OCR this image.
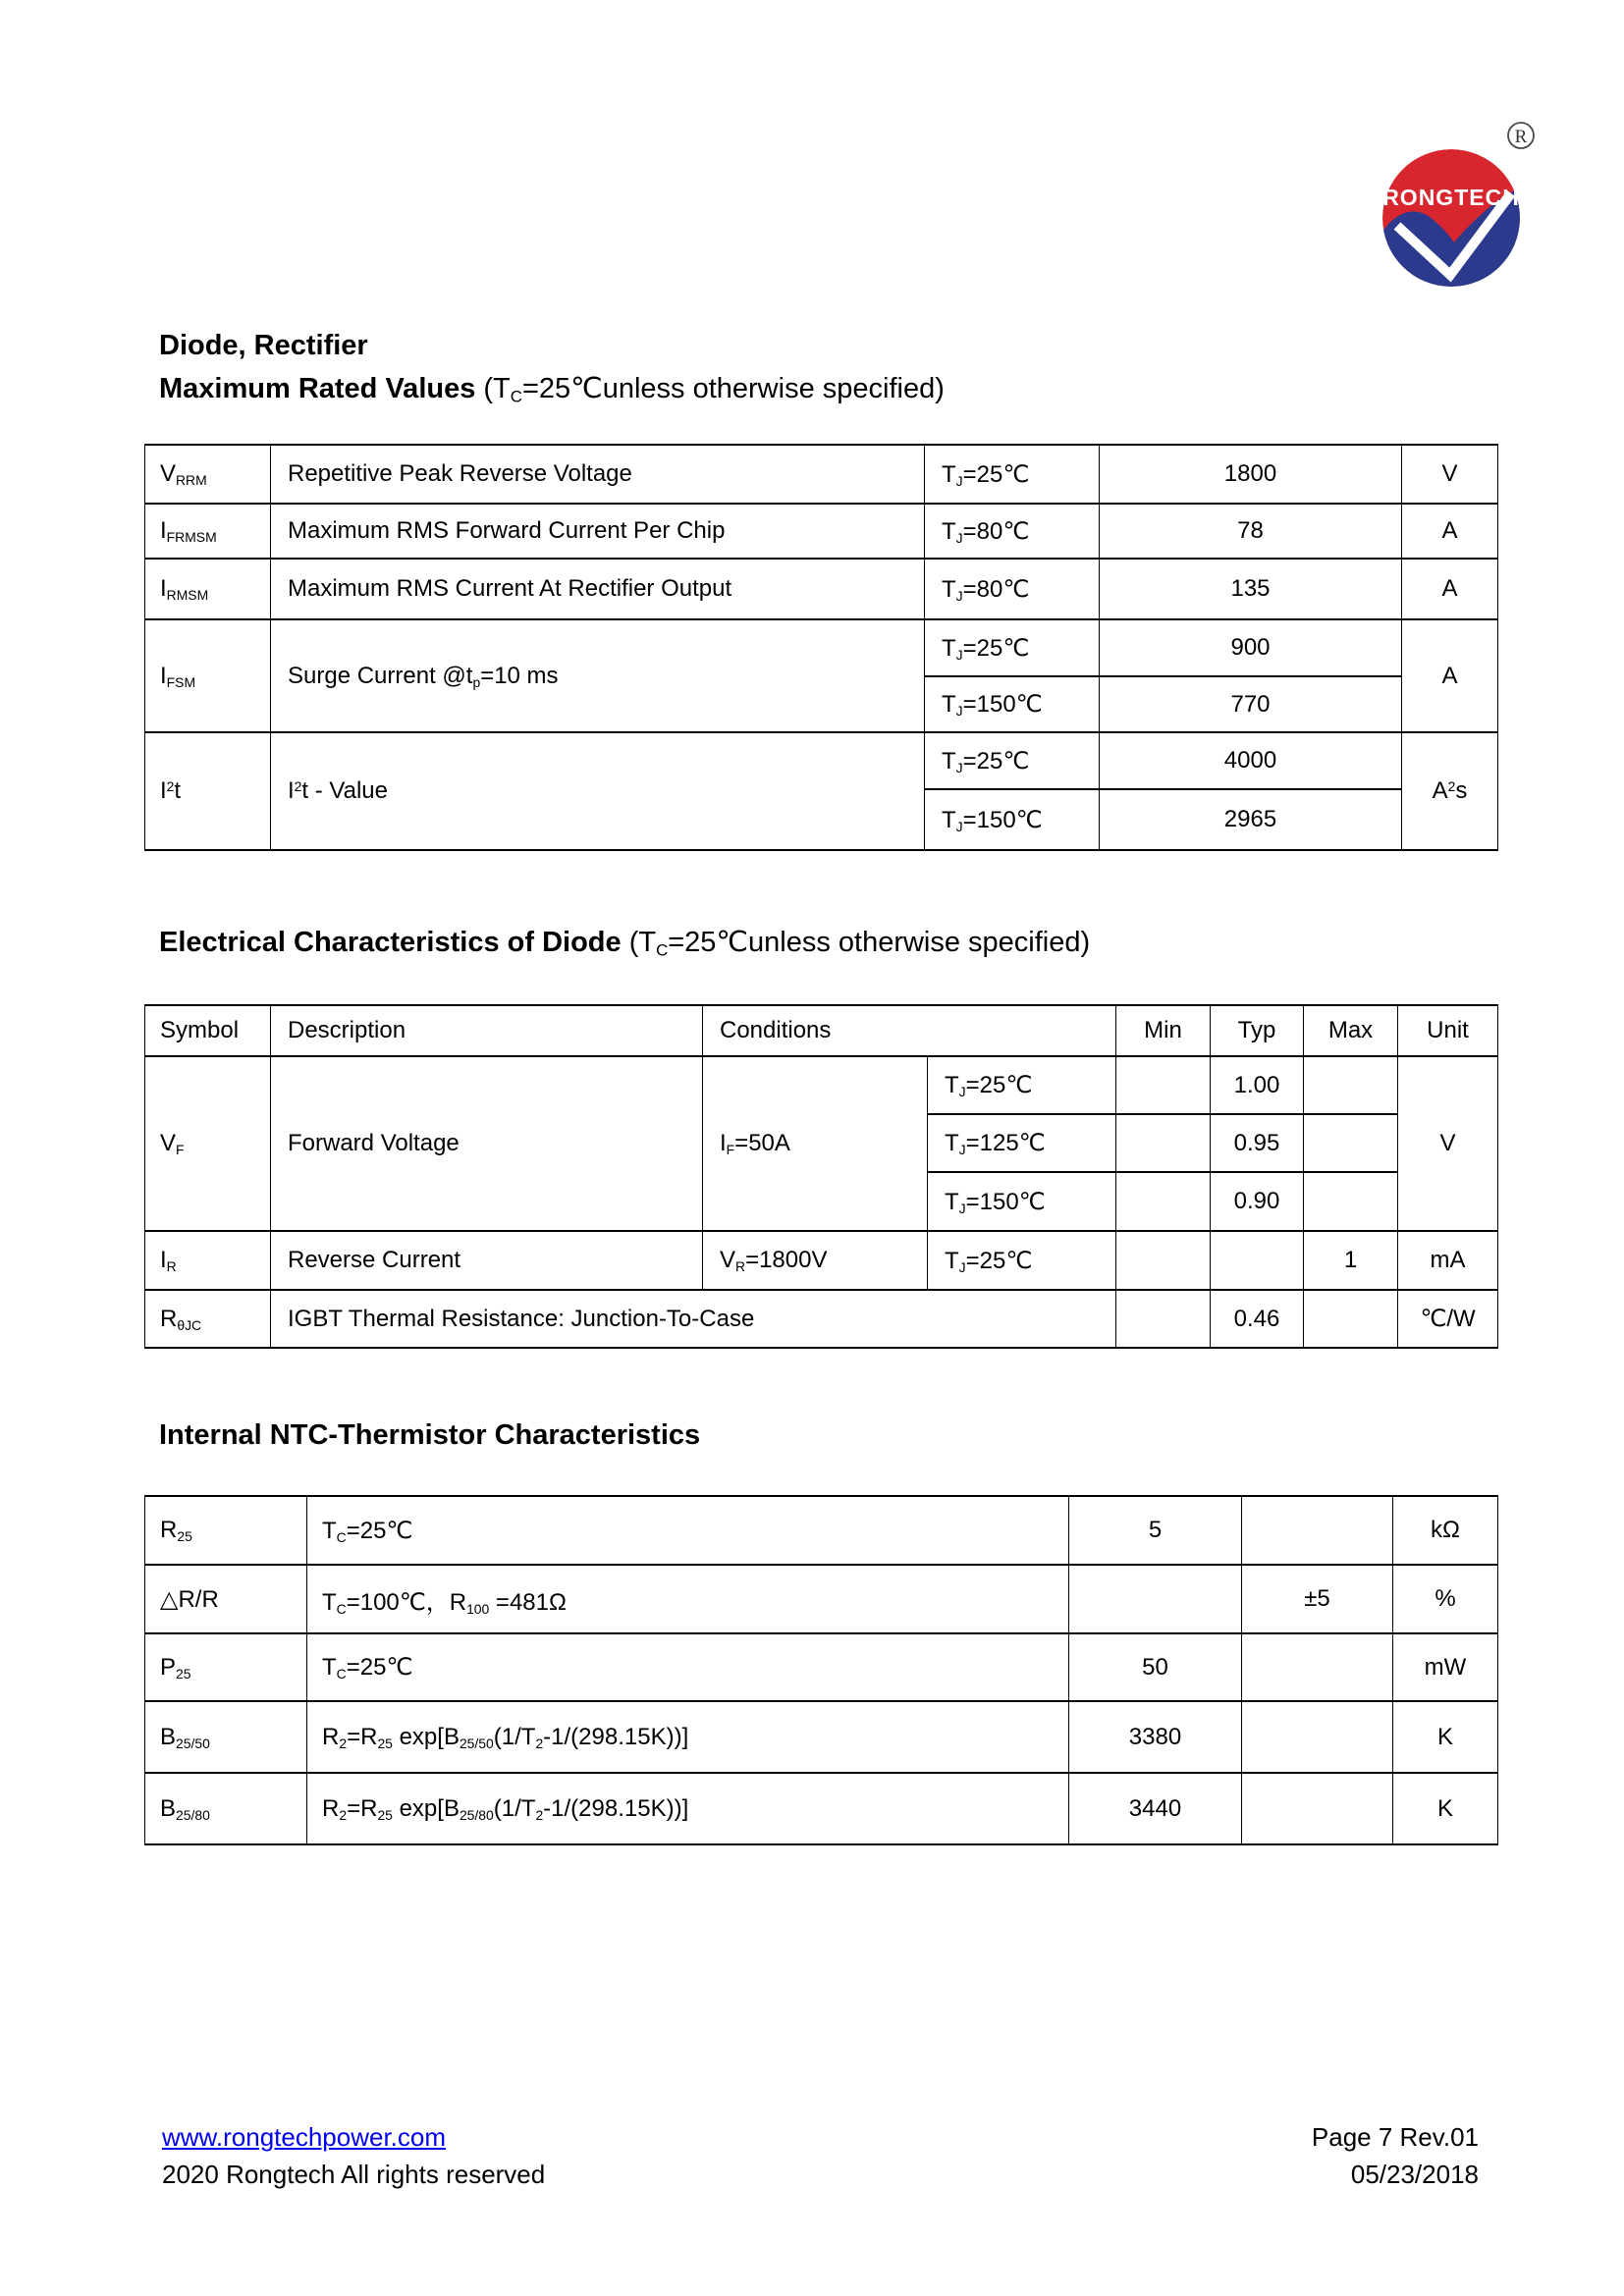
RONGTECH
R
Diode, Rectifier
Maximum Rated Values ($T_C=25℃unless$ otherwise specified)
$V_{RRM}$	Repetitive Peak Reverse Voltage	$T_J=25℃$	1800	V
$I_{FRMSM}$	Maximum RMS Forward Current Per Chip	$T_J=80℃$	78	A
$I_{RMSM}$	Maximum RMS Current At Rectifier Output	$T_J=80℃$	135	A
$I_{FSM}$	Surge Current $@t_p=10$ ms	$T_J=25℃$	900	A
		$T_J=150℃$	770	
$I^2t$	$I^2t$ - Value	$T_J=25℃$	4000	$A^2s$
		$T_J=150℃$	2965	
Electrical Characteristics of Diode ($T_C=25℃unless$ otherwise specified)
Symbol	Description	Conditions		Min	Typ	Max	Unit
$V_F$	Forward Voltage	$I_F=50A$	$T_J=25℃$		1.00		V
			$T_J=125℃$		0.95		
			$T_J=150℃$		0.90		
$I_R$	Reverse Current	$V_R=1800V$	$T_J=25℃$			1	mA
$R_{\theta JC}$	IGBT Thermal Resistance: Junction-To-Case				0.46		℃/W
Internal NTC-Thermistor Characteristics
$R_{25}$	$T_C=25℃$	5		kΩ
△R/R	$T_C=100℃$，$R_{100} =481\Omega$		±5	%
$P_{25}$	$T_C=25℃$	50		mW
$B_{25/50}$	$R_2=R_{25}$ $\exp[B_{25/50}(1/T_2-1/(298.15K))]$	3380		K
$B_{25/80}$	$R_2=R_{25}$ $\exp[B_{25/80}(1/T_2-1/(298.15K))]$	3440		K
www.rongtechpower.com
2020 Rongtech All rights reserved
Page 7 Rev.01
05/23/2018
